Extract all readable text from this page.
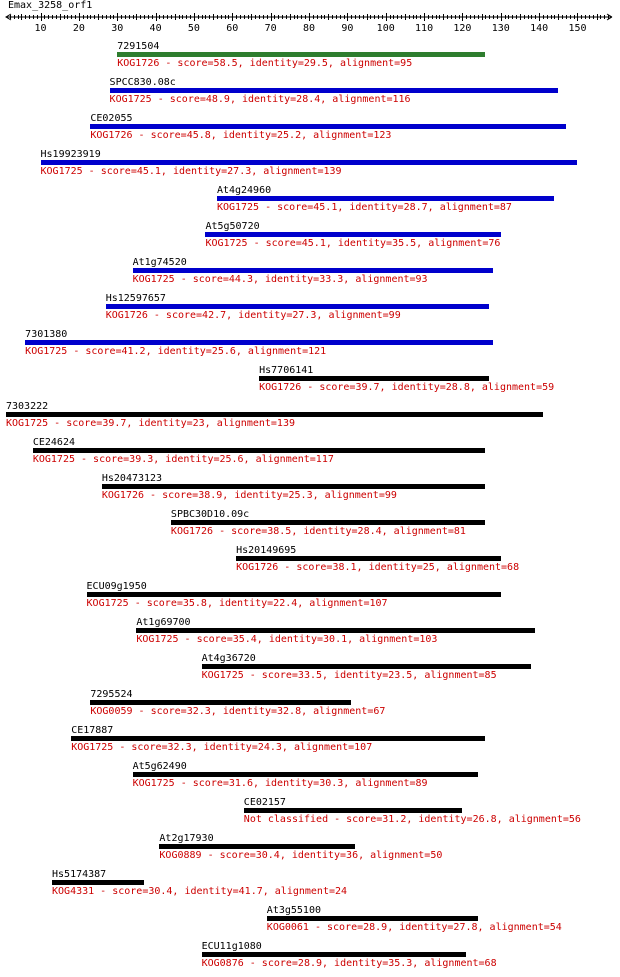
Emax_3258_orf1
10	20	30	40	50	60	70	80	90 100 110 120 130 140 150
7291504
KOG1726 - score=58.5, identity=29.5, alignment=95
SPCC830.08c
KOG1725 - score=48.9, identity=28.4, alignment=116
CE02055
KOG1726 - score=45.8, identity=25.2, alignment=123
Hs19923919
KOG1725 - score=45.1, identity=27.3, alignment=139
At4g24960
KOG1725 - score=45.1, identity=28.7, alignment=87
At5g50720
KOG1725 - score=45.1, identity=35.5, alignment=76
At1g74520
KOG1725 - score=44.3, identity=33.3, alignment=93
Hs12597657
KOG1726 - score=42.7, identity=27.3, alignment=99
7301380
KOG1725 - score=41.2, identity=25.6, alignment=121
Hs7706141
KOG1726 - score=39.7, identity=28.8, alignment=59
7303222
KOG1725 - score=39.7, identity=23, alignment=139
CE24624
KOG1725 - score=39.3, identity=25.6, alignment=117
Hs20473123
KOG1726 - score=38.9, identity=25.3, alignment=99
SPBC30D10.09c
KOG1726 - score=38.5, identity=28.4, alignment=81
Hs20149695
KOG1726 - score=38.1, identity=25, alignment=68
ECU09g1950
KOG1725 - score=35.8, identity=22.4, alignment=107
At1g69700
KOG1725 - score=35.4, identity=30.1, alignment=103
At4g36720
KOG1725 - score=33.5, identity=23.5, alignment=85
7295524
KOG0059 - score=32.3, identity=32.8, alignment=67
CE17887
KOG1725 - score=32.3, identity=24.3, alignment=107
At5g62490
KOG1725 - score=31.6, identity=30.3, alignment=89
CE02157
Not classified - score=31.2, identity=26.8, alignment=56
At2g17930
KOG0889 - score=30.4, identity=36, alignment=50
Hs5174387
KOG4331 - score=30.4, identity=41.7, alignment=24
At3g55100
KOG0061 - score=28.9, identity=27.8, alignment=54
ECU11g1080
KOG0876 - score=28.9, identity=35.3, alignment=68
